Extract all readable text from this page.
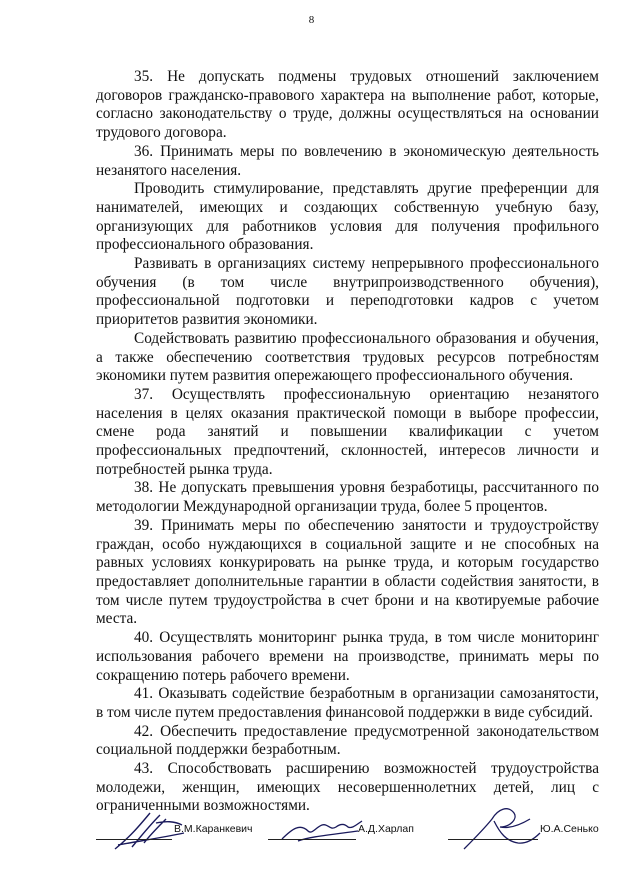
8

35. Не допускать подмены трудовых отношений заключением договоров гражданско-правового характера на выполнение работ, которые, согласно законодательству о труде, должны осуществляться на основании трудового договора.

36. Принимать меры по вовлечению в экономическую деятельность незанятого населения.

Проводить стимулирование, представлять другие преференции для нанимателей, имеющих и создающих собственную учебную базу, организующих для работников условия для получения профильного профессионального образования.

Развивать в организациях систему непрерывного профессионального обучения (в том числе внутрипроизводственного обучения), профессиональной подготовки и переподготовки кадров с учетом приоритетов развития экономики.

Содействовать развитию профессионального образования и обучения, а также обеспечению соответствия трудовых ресурсов потребностям экономики путем развития опережающего профессионального обучения.

37. Осуществлять профессиональную ориентацию незанятого населения в целях оказания практической помощи в выборе профессии, смене рода занятий и повышении квалификации с учетом профессиональных предпочтений, склонностей, интересов личности и потребностей рынка труда.

38. Не допускать превышения уровня безработицы, рассчитанного по методологии Международной организации труда, более 5 процентов.

39. Принимать меры по обеспечению занятости и трудоустройству граждан, особо нуждающихся в социальной защите и не способных на равных условиях конкурировать на рынке труда, и которым государство предоставляет дополнительные гарантии в области содействия занятости, в том числе путем трудоустройства в счет брони и на квотируемые рабочие места.

40. Осуществлять мониторинг рынка труда, в том числе мониторинг использования рабочего времени на производстве, принимать меры по сокращению потерь рабочего времени.

41. Оказывать содействие безработным в организации самозанятости, в том числе путем предоставления финансовой поддержки в виде субсидий.

42. Обеспечить предоставление предусмотренной законодательством социальной поддержки безработным.

43. Способствовать расширению возможностей трудоустройства молодежи, женщин, имеющих несовершеннолетних детей, лиц с ограниченными возможностями.

В.М.Каранкевич	А.Д.Харлап	Ю.А.Сенько
